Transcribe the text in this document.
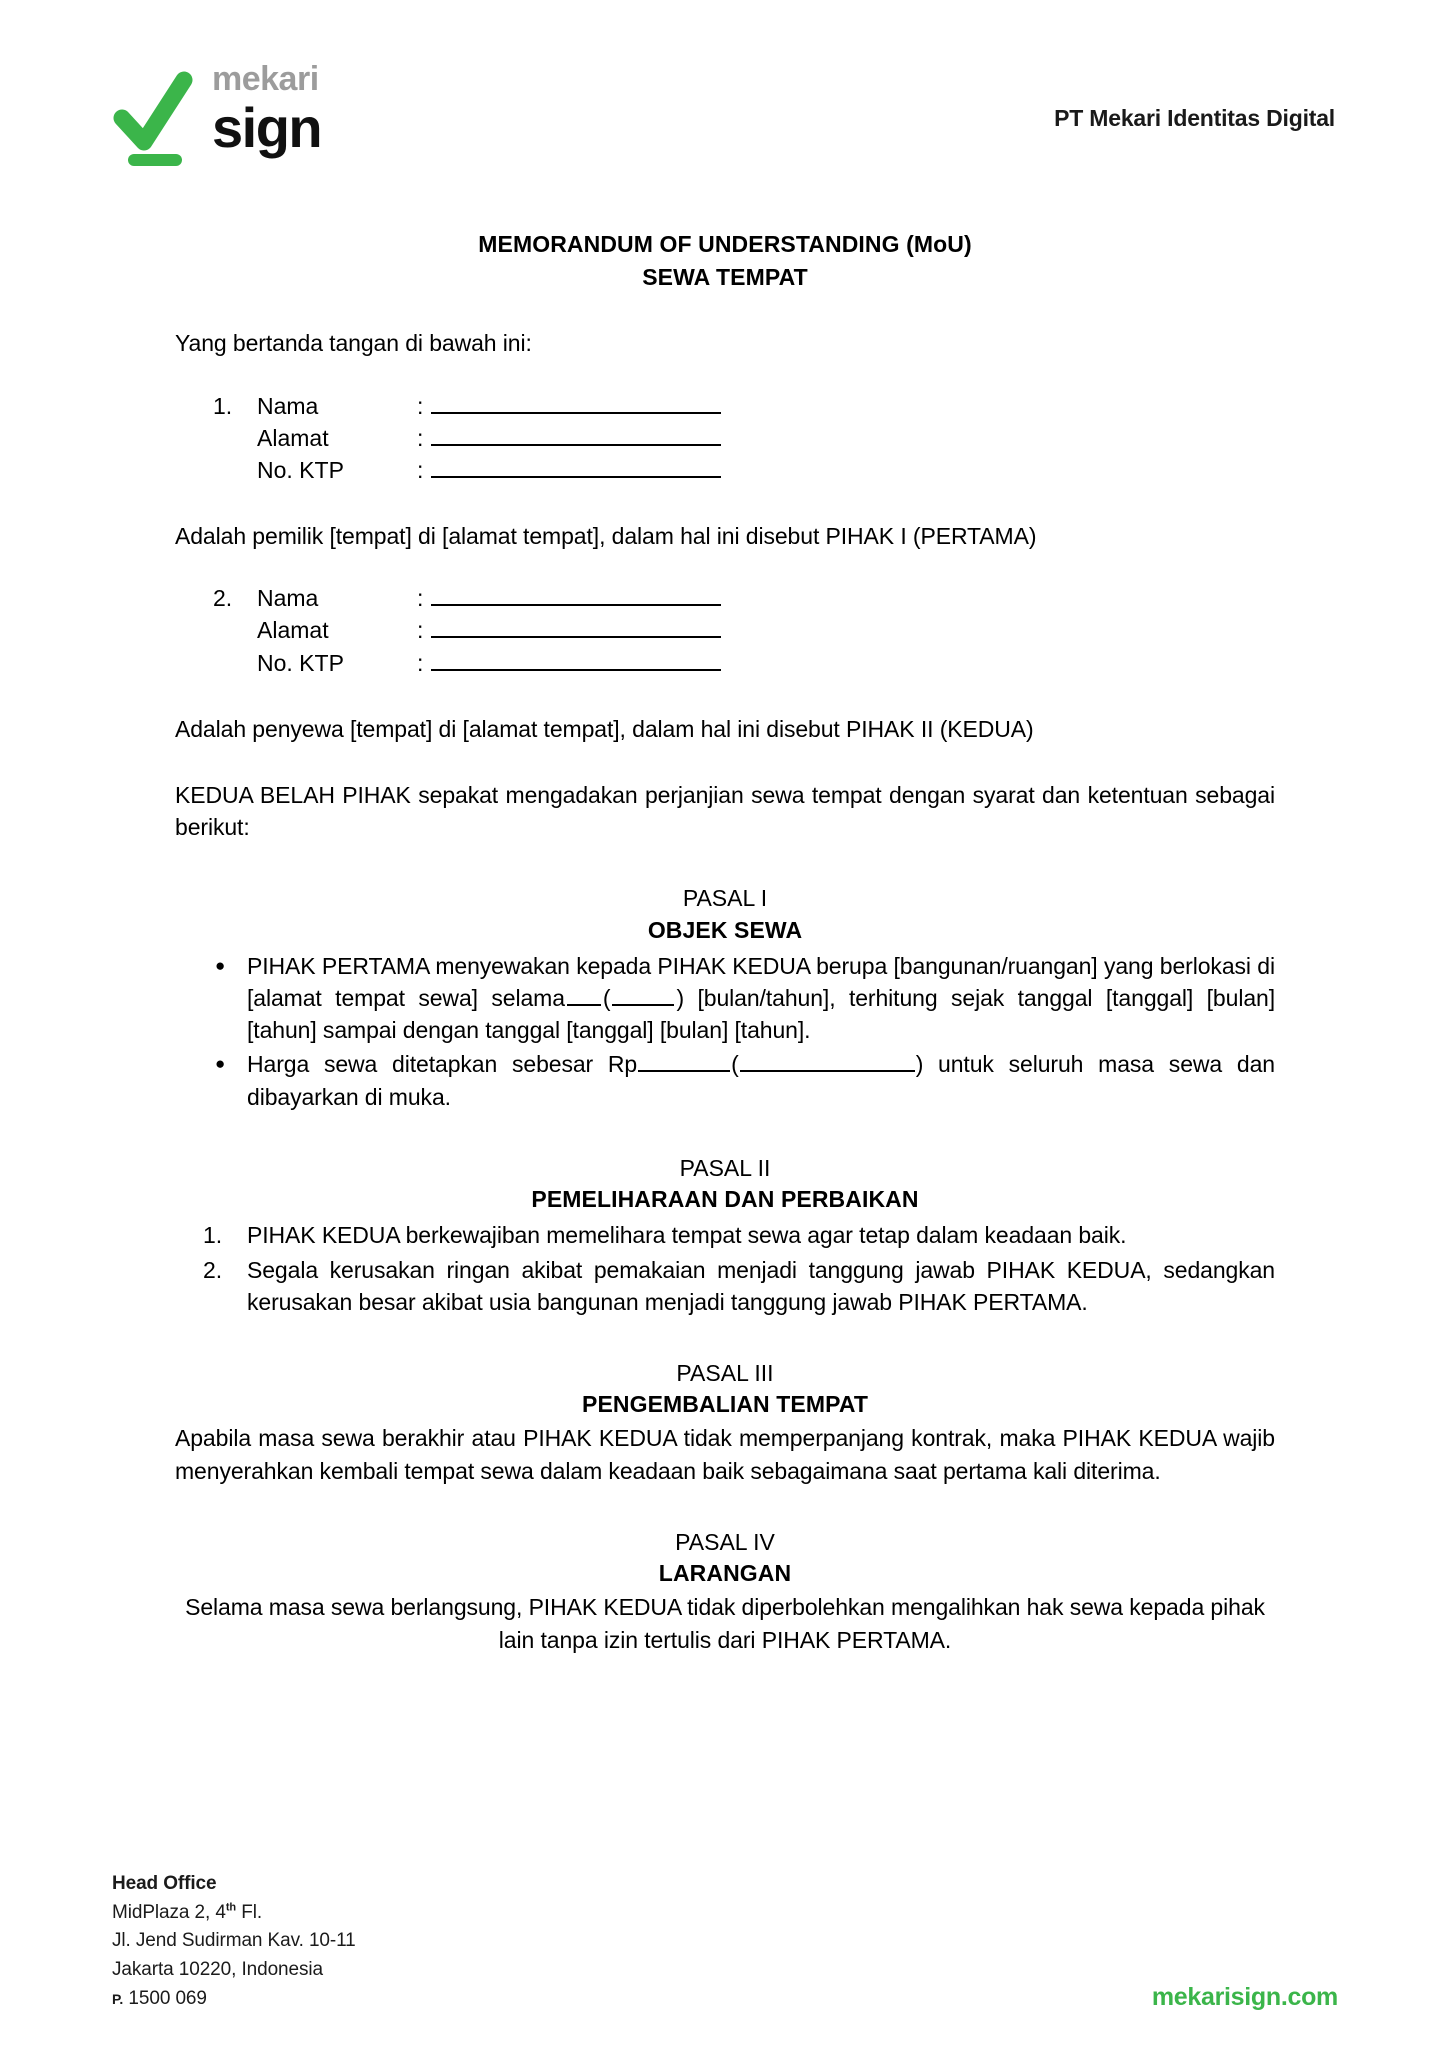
mekari
sign	PT Mekari Identitas Digital
MEMORANDUM OF UNDERSTANDING (MoU)
SEWA TEMPAT
Yang bertanda tangan di bawah ini:
1.	Nama	:
Alamat	:
No. KTP	:
Adalah pemilik [tempat] di [alamat tempat], dalam hal ini disebut PIHAK I (PERTAMA)
2.	Nama	:
Alamat	:
No. KTP	:
Adalah penyewa [tempat] di [alamat tempat], dalam hal ini disebut PIHAK II (KEDUA)
KEDUA BELAH PIHAK sepakat mengadakan perjanjian sewa tempat dengan syarat dan ketentuan sebagai berikut:
PASAL I
OBJEK SEWA
● PIHAK PERTAMA menyewakan kepada PIHAK KEDUA berupa [bangunan/ruangan] yang berlokasi di [alamat tempat sewa] selama (	) [bulan/tahun], terhitung sejak tanggal [tanggal] [bulan] [tahun] sampai dengan tanggal [tanggal] [bulan] [tahun].
● Harga sewa ditetapkan sebesar Rp	(	) untuk seluruh masa sewa dan dibayarkan di muka.
PASAL II
PEMELIHARAAN DAN PERBAIKAN
1. PIHAK KEDUA berkewajiban memelihara tempat sewa agar tetap dalam keadaan baik.
2. Segala kerusakan ringan akibat pemakaian menjadi tanggung jawab PIHAK KEDUA, sedangkan kerusakan besar akibat usia bangunan menjadi tanggung jawab PIHAK PERTAMA.
PASAL III
PENGEMBALIAN TEMPAT
Apabila masa sewa berakhir atau PIHAK KEDUA tidak memperpanjang kontrak, maka PIHAK KEDUA wajib menyerahkan kembali tempat sewa dalam keadaan baik sebagaimana saat pertama kali diterima.
PASAL IV
LARANGAN
Selama masa sewa berlangsung, PIHAK KEDUA tidak diperbolehkan mengalihkan hak sewa kepada pihak lain tanpa izin tertulis dari PIHAK PERTAMA.
Head Office
MidPlaza 2, 4th Fl.
Jl. Jend Sudirman Kav. 10-11
Jakarta 10220, Indonesia
P. 1500 069	mekarisign.com
